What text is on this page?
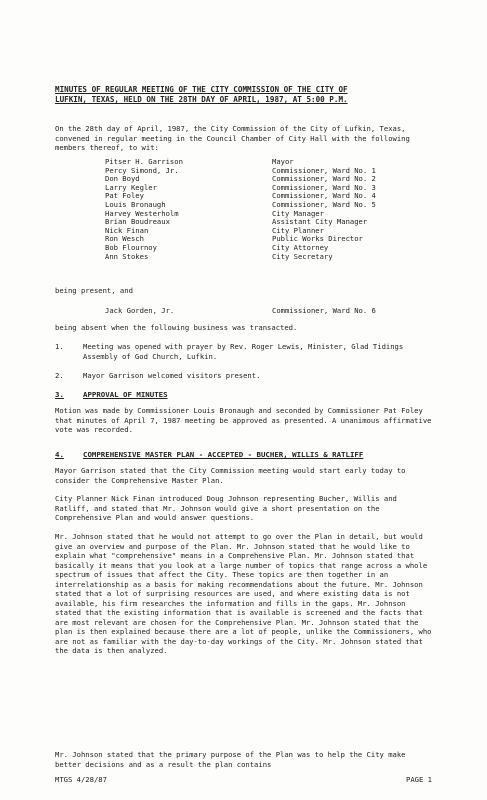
MINUTES OF REGULAR MEETING OF THE CITY COMMISSION OF THE CITY OF
LUFKIN, TEXAS, HELD ON THE 28TH DAY OF APRIL, 1987, AT 5:00 P.M.
On the 28th day of April, 1987, the City Commission of the City of Lufkin, Texas, convened in regular meeting in the Council Chamber of City Hall with the following members thereof, to wit:
Pitser H. Garrison	Mayor
Percy Simond, Jr.	Commissioner, Ward No. 1
Don Boyd	Commissioner, Ward No. 2
Larry Kegler	Commissioner, Ward No. 3
Pat Foley	Commissioner, Ward No. 4
Louis Bronaugh	Commissioner, Ward No. 5
Harvey Westerholm	City Manager
Brian Boudreaux	Assistant City Manager
Nick Finan	City Planner
Ron Wesch	Public Works Director
Bob Flournoy	City Attorney
Ann Stokes	City Secretary
being present, and
Jack Gorden, Jr.	Commissioner, Ward No. 6
being absent when the following business was transacted.
1.	Meeting was opened with prayer by Rev. Roger Lewis, Minister, Glad Tidings Assembly of God Church, Lufkin.
2.	Mayor Garrison welcomed visitors present.
3.	APPROVAL OF MINUTES
Motion was made by Commissioner Louis Bronaugh and seconded by Commissioner Pat Foley that minutes of April 7, 1987 meeting be approved as presented. A unanimous affirmative vote was recorded.
4.	COMPREHENSIVE MASTER PLAN - ACCEPTED - BUCHER, WILLIS & RATLIFF
Mayor Garrison stated that the City Commission meeting would start early today to consider the Comprehensive Master Plan.
City Planner Nick Finan introduced Doug Johnson representing Bucher, Willis and Ratliff, and stated that Mr. Johnson would give a short presentation on the Comprehensive Plan and would answer questions.
Mr. Johnson stated that he would not attempt to go over the Plan in detail, but would give an overview and purpose of the Plan. Mr. Johnson stated that he would like to explain what "comprehensive" means in a Comprehensive Plan. Mr. Johnson stated that basically it means that you look at a large number of topics that range across a whole spectrum of issues that affect the City. These topics are then together in an interrelationship as a basis for making recommendations about the future. Mr. Johnson stated that a lot of surprising resources are used, and where existing data is not available, his firm researches the information and fills in the gaps. Mr. Johnson stated that the existing information that is available is screened and the facts that are most relevant are chosen for the Comprehensive Plan. Mr. Johnson stated that the plan is then explained because there are a lot of people, unlike the Commissioners, who are not as familiar with the day-to-day workings of the City. Mr. Johnson stated that the data is then analyzed.
Mr. Johnson stated that the primary purpose of the Plan was to help the City make better decisions and as a result the plan contains
MTGS 4/28/87	PAGE 1
